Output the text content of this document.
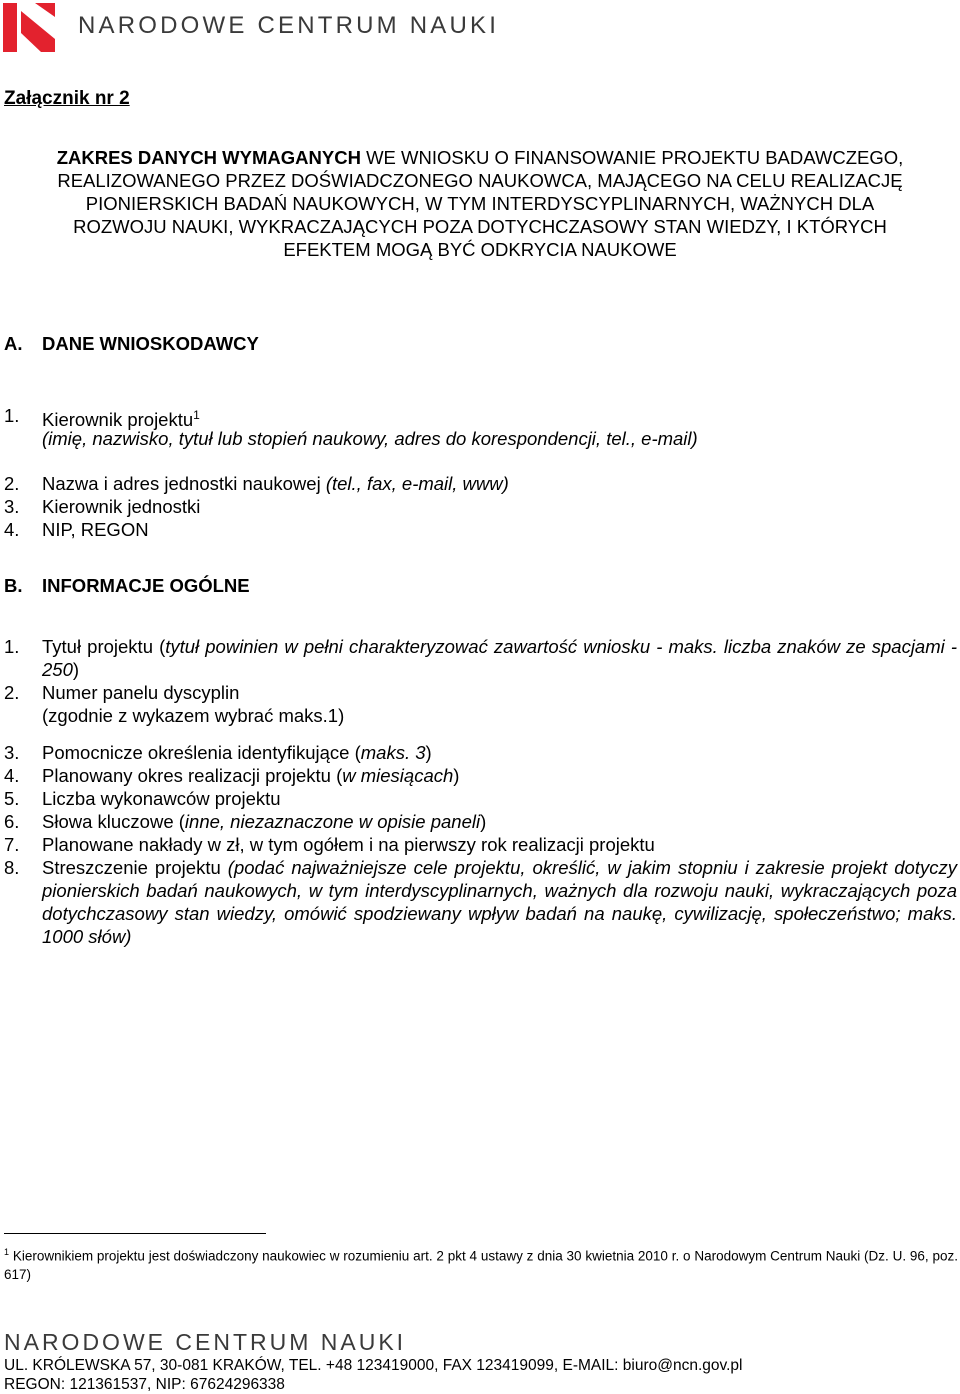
NARODOWE CENTRUM NAUKI
Załącznik nr 2
ZAKRES DANYCH WYMAGANYCH WE WNIOSKU O FINANSOWANIE PROJEKTU BADAWCZEGO,
REALIZOWANEGO PRZEZ DOŚWIADCZONEGO NAUKOWCA, MAJĄCEGO NA CELU REALIZACJĘ
PIONIERSKICH BADAŃ NAUKOWYCH, W TYM INTERDYSCYPLINARNYCH, WAŻNYCH DLA
ROZWOJU NAUKI, WYKRACZAJĄCYCH POZA DOTYCHCZASOWY STAN WIEDZY, I KTÓRYCH
EFEKTEM MOGĄ BYĆ ODKRYCIA NAUKOWE
A. DANE WNIOSKODAWCY
1. Kierownik projektu$^1$
(imię, nazwisko, tytuł lub stopień naukowy, adres do korespondencji, tel., e-mail)
2. Nazwa i adres jednostki naukowej (tel., fax, e-mail, www)
3. Kierownik jednostki
4. NIP, REGON
B. INFORMACJE OGÓLNE
1. Tytuł projektu (tytuł powinien w pełni charakteryzować zawartość wniosku - maks. liczba znaków ze spacjami - 250)
2. Numer panelu dyscyplin
(zgodnie z wykazem wybrać maks.1)
3. Pomocnicze określenia identyfikujące (maks. 3)
4. Planowany okres realizacji projektu (w miesiącach)
5. Liczba wykonawców projektu
6. Słowa kluczowe (inne, niezaznaczone w opisie paneli)
7. Planowane nakłady w zł, w tym ogółem i na pierwszy rok realizacji projektu
8. Streszczenie projektu (podać najważniejsze cele projektu, określić, w jakim stopniu i zakresie projekt dotyczy pionierskich badań naukowych, w tym interdyscyplinarnych, ważnych dla rozwoju nauki, wykraczających poza dotychczasowy stan wiedzy, omówić spodziewany wpływ badań na naukę, cywilizację, społeczeństwo; maks. 1000 słów)
$^1$ Kierownikiem projektu jest doświadczony naukowiec w rozumieniu art. 2 pkt 4 ustawy z dnia 30 kwietnia 2010 r. o Narodowym Centrum Nauki (Dz. U. 96, poz. 617)
NARODOWE CENTRUM NAUKI
UL. KRÓLEWSKA 57, 30-081 KRAKÓW, TEL. +48 123419000, FAX 123419099, E-MAIL: biuro@ncn.gov.pl
REGON: 121361537, NIP: 67624296338
